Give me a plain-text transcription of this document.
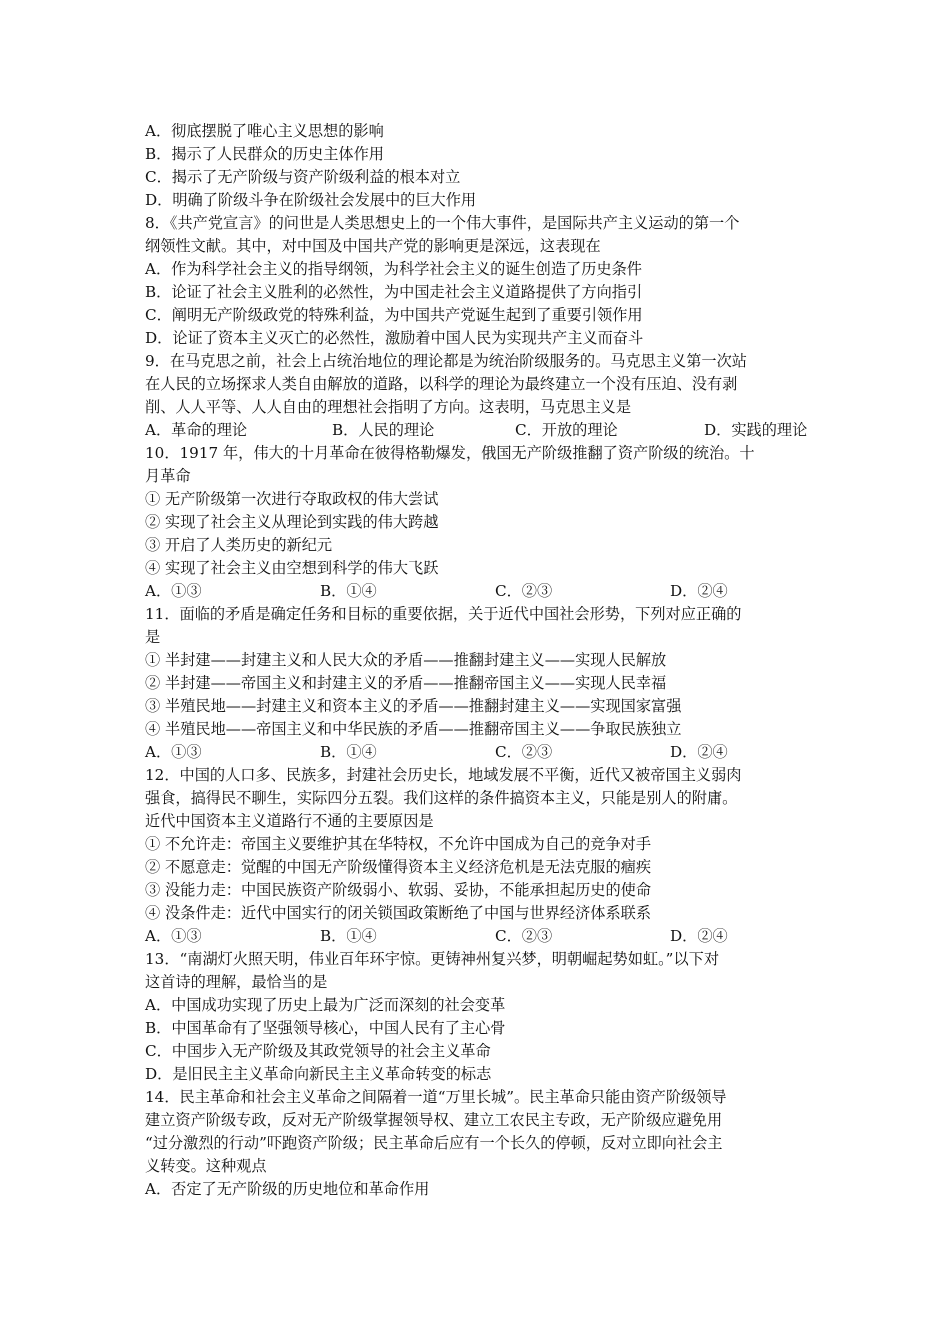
A．彻底摆脱了唯心主义思想的影响
B．揭示了人民群众的历史主体作用
C．揭示了无产阶级与资产阶级利益的根本对立
D．明确了阶级斗争在阶级社会发展中的巨大作用
8．《共产党宣言》的问世是人类思想史上的一个伟大事件，是国际共产主义运动的第一个
纲领性文献。其中，对中国及中国共产党的影响更是深远，这表现在
A．作为科学社会主义的指导纲领，为科学社会主义的诞生创造了历史条件
B．论证了社会主义胜利的必然性，为中国走社会主义道路提供了方向指引
C．阐明无产阶级政党的特殊利益，为中国共产党诞生起到了重要引领作用
D．论证了资本主义灭亡的必然性，激励着中国人民为实现共产主义而奋斗
9．在马克思之前，社会上占统治地位的理论都是为统治阶级服务的。马克思主义第一次站
在人民的立场探求人类自由解放的道路，以科学的理论为最终建立一个没有压迫、没有剥
削、人人平等、人人自由的理想社会指明了方向。这表明，马克思主义是
A．革命的理论	B．人民的理论	C．开放的理论	D．实践的理论
10．1917 年，伟大的十月革命在彼得格勒爆发，俄国无产阶级推翻了资产阶级的统治。十
月革命
① 无产阶级第一次进行夺取政权的伟大尝试
② 实现了社会主义从理论到实践的伟大跨越
③ 开启了人类历史的新纪元
④ 实现了社会主义由空想到科学的伟大飞跃
A．①③	B．①④	C．②③	D．②④
11．面临的矛盾是确定任务和目标的重要依据，关于近代中国社会形势，下列对应正确的
是
① 半封建——封建主义和人民大众的矛盾——推翻封建主义——实现人民解放
② 半封建——帝国主义和封建主义的矛盾——推翻帝国主义——实现人民幸福
③ 半殖民地——封建主义和资本主义的矛盾——推翻封建主义——实现国家富强
④ 半殖民地——帝国主义和中华民族的矛盾——推翻帝国主义——争取民族独立
A．①③	B．①④	C．②③	D．②④
12．中国的人口多、民族多，封建社会历史长，地域发展不平衡，近代又被帝国主义弱肉
强食，搞得民不聊生，实际四分五裂。我们这样的条件搞资本主义，只能是别人的附庸。
近代中国资本主义道路行不通的主要原因是
① 不允许走：帝国主义要维护其在华特权，不允许中国成为自己的竞争对手
② 不愿意走：觉醒的中国无产阶级懂得资本主义经济危机是无法克服的痼疾
③ 没能力走：中国民族资产阶级弱小、软弱、妥协，不能承担起历史的使命
④ 没条件走：近代中国实行的闭关锁国政策断绝了中国与世界经济体系联系
A．①③	B．①④	C．②③	D．②④
13．“南湖灯火照天明，伟业百年环宇惊。更铸神州复兴梦，明朝崛起势如虹。”以下对
这首诗的理解，最恰当的是
A．中国成功实现了历史上最为广泛而深刻的社会变革
B．中国革命有了坚强领导核心，中国人民有了主心骨
C．中国步入无产阶级及其政党领导的社会主义革命
D．是旧民主主义革命向新民主主义革命转变的标志
14．民主革命和社会主义革命之间隔着一道“万里长城”。民主革命只能由资产阶级领导
建立资产阶级专政，反对无产阶级掌握领导权、建立工农民主专政，无产阶级应避免用
“过分激烈的行动”吓跑资产阶级；民主革命后应有一个长久的停顿，反对立即向社会主
义转变。这种观点
A．否定了无产阶级的历史地位和革命作用
